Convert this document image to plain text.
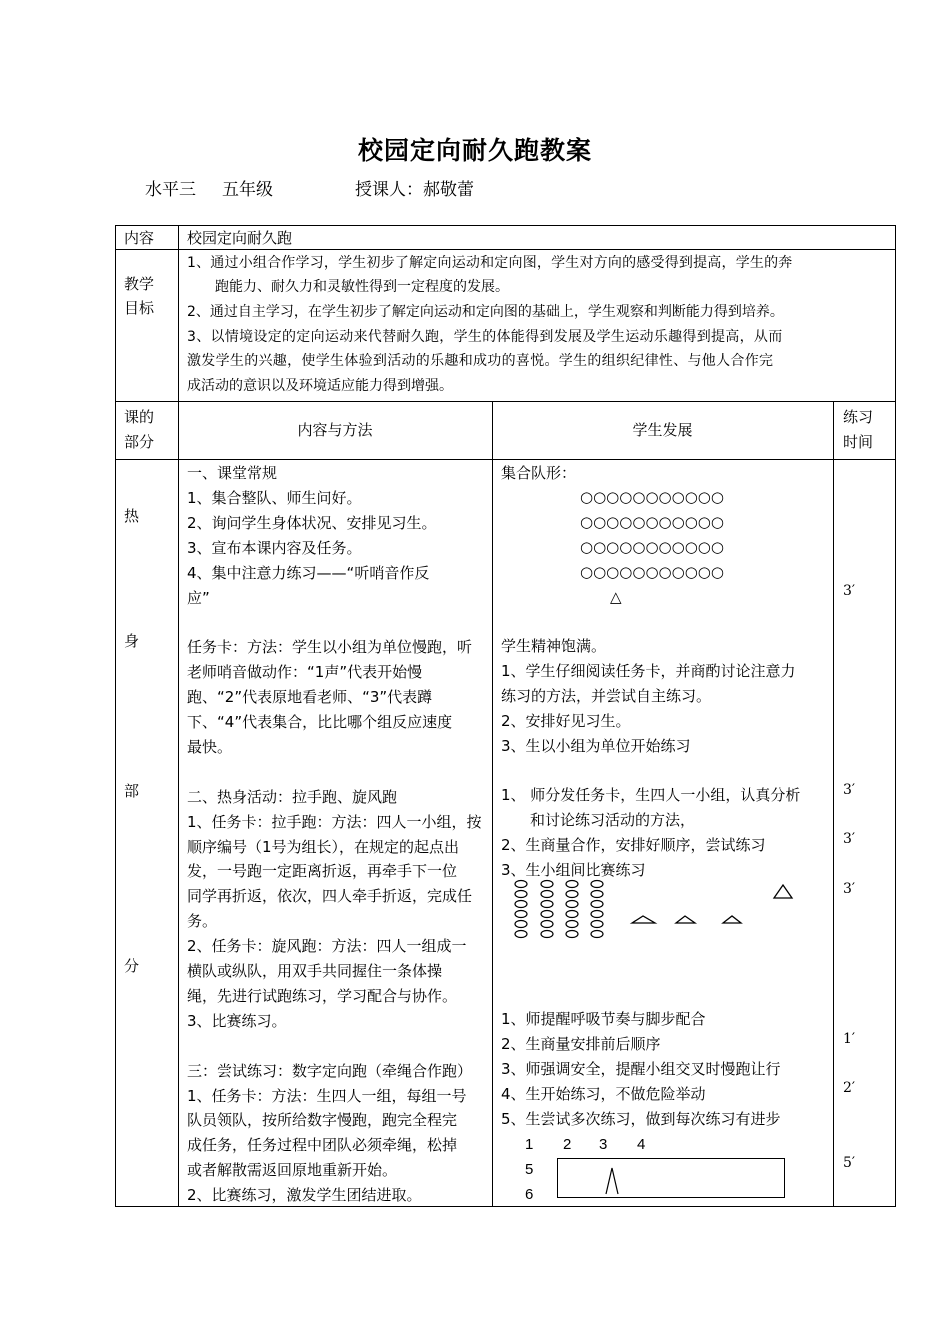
校园定向耐久跑教案
水平三 五年级	授课人：郝敬蕾
内容 校园定向耐久跑
教学
目标
1、通过小组合作学习，学生初步了解定向运动和定向图，学生对方向的感受得到提高，学生的奔
跑能力、耐久力和灵敏性得到一定程度的发展。
2、通过自主学习，在学生初步了解定向运动和定向图的基础上，学生观察和判断能力得到培养。
3、以情境设定的定向运动来代替耐久跑，学生的体能得到发展及学生运动乐趣得到提高，从而
激发学生的兴趣，使学生体验到活动的乐趣和成功的喜悦。学生的组织纪律性、与他人合作完
成活动的意识以及环境适应能力得到增强。
课的
部分
内容与方法	学生发展
练习
时间
热
身
部
分
一、课堂常规
1、集合整队、师生问好。
2、询问学生身体状况、安排见习生。
3、宣布本课内容及任务。
4、集中注意力练习——“听哨音作反
应”
任务卡：方法：学生以小组为单位慢跑，听
老师哨音做动作：“1声”代表开始慢
跑、“2”代表原地看老师、“3”代表蹲
下、“4”代表集合，比比哪个组反应速度
最快。
二、热身活动：拉手跑、旋风跑
1、任务卡：拉手跑：方法：四人一小组，按
顺序编号（1号为组长），在规定的起点出
发，一号跑一定距离折返，再牵手下一位
同学再折返，依次，四人牵手折返，完成任
务。
2、任务卡：旋风跑：方法：四人一组成一
横队或纵队，用双手共同握住一条体操
绳，先进行试跑练习，学习配合与协作。
3、比赛练习。
三：尝试练习：数字定向跑（牵绳合作跑）
1、任务卡：方法：生四人一组，每组一号
队员领队，按所给数字慢跑，跑完全程完
成任务，任务过程中团队必须牵绳，松掉
或者解散需返回原地重新开始。
2、比赛练习，激发学生团结进取。
集合队形：
○○○○○○○○○○○
○○○○○○○○○○○
○○○○○○○○○○○
○○○○○○○○○○○
△
学生精神饱满。
1、学生仔细阅读任务卡，并商酌讨论注意力
练习的方法，并尝试自主练习。
2、安排好见习生。
3、生以小组为单位开始练习
1、 师分发任务卡，生四人一小组，认真分析
和讨论练习活动的方法，
2、生商量合作，安排好顺序，尝试练习
3、生小组间比赛练习
1、师提醒呼吸节奏与脚步配合
2、生商量安排前后顺序
3、师强调安全，提醒小组交叉时慢跑让行
4、生开始练习，不做危险举动
5、生尝试多次练习，做到每次练习有进步
1 2 3 4
5
6
3′
3′
3′
3′
1′
2′
5′
